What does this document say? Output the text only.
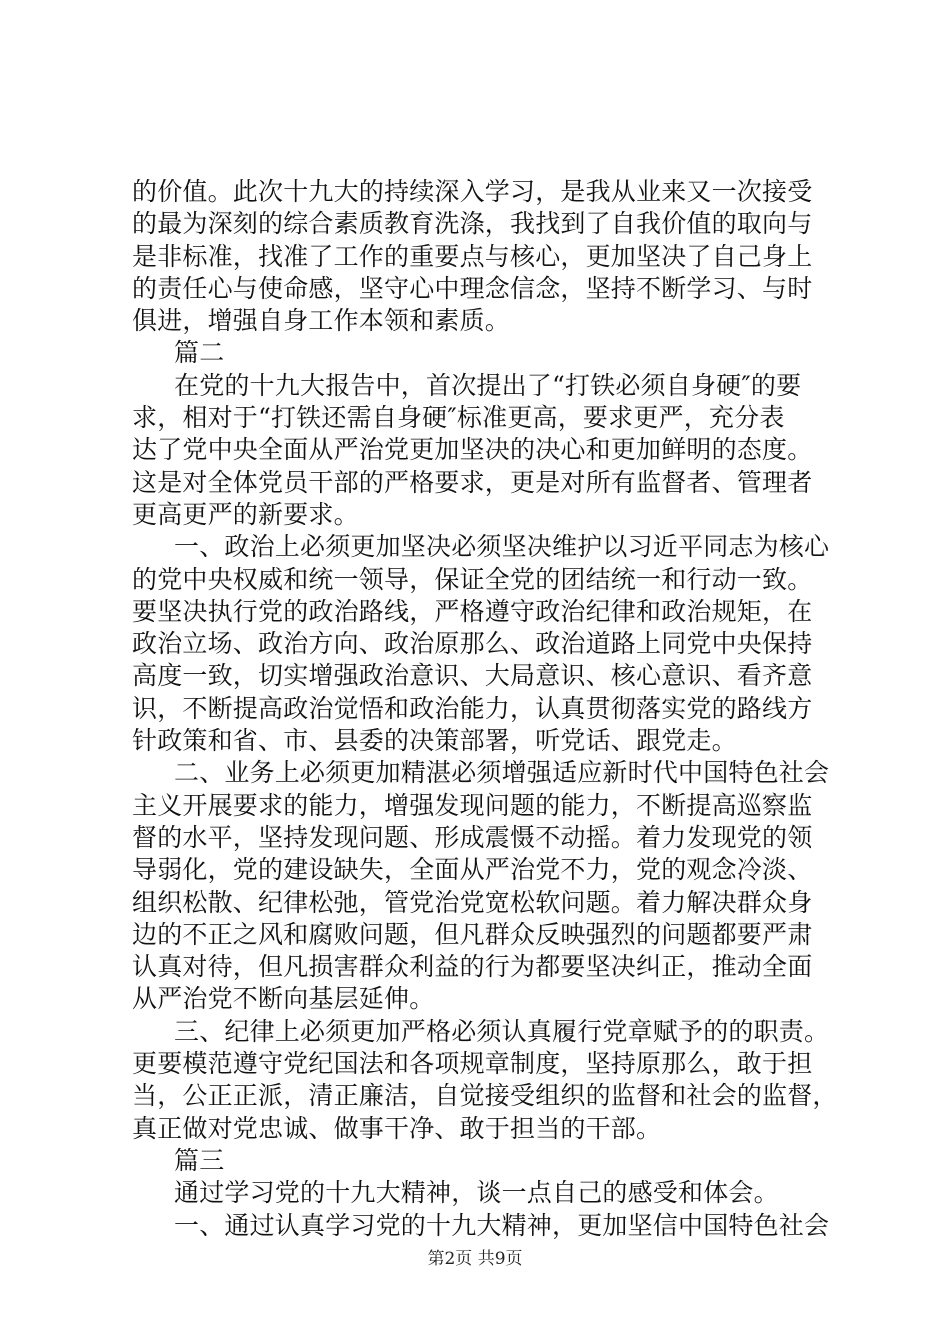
的价值。此次十九大的持续深入学习，是我从业来又一次接受
的最为深刻的综合素质教育洗涤，我找到了自我价值的取向与
是非标准，找准了工作的重要点与核心，更加坚决了自己身上
的责任心与使命感，坚守心中理念信念，坚持不断学习、与时
俱进，增强自身工作本领和素质。
篇二
在党的十九大报告中，首次提出了“打铁必须自身硬″的要
求，相对于“打铁还需自身硬″标准更高，要求更严，充分表
达了党中央全面从严治党更加坚决的决心和更加鲜明的态度。
这是对全体党员干部的严格要求，更是对所有监督者、管理者
更高更严的新要求。
一、政治上必须更加坚决必须坚决维护以习近平同志为核心
的党中央权威和统一领导，保证全党的团结统一和行动一致。
要坚决执行党的政治路线，严格遵守政治纪律和政治规矩，在
政治立场、政治方向、政治原那么、政治道路上同党中央保持
高度一致，切实增强政治意识、大局意识、核心意识、看齐意
识，不断提高政治觉悟和政治能力，认真贯彻落实党的路线方
针政策和省、市、县委的决策部署，听党话、跟党走。
二、业务上必须更加精湛必须增强适应新时代中国特色社会
主义开展要求的能力，增强发现问题的能力，不断提高巡察监
督的水平，坚持发现问题、形成震慑不动摇。着力发现党的领
导弱化，党的建设缺失，全面从严治党不力，党的观念冷淡、
组织松散、纪律松弛，管党治党宽松软问题。着力解决群众身
边的不正之风和腐败问题，但凡群众反映强烈的问题都要严肃
认真对待，但凡损害群众利益的行为都要坚决纠正，推动全面
从严治党不断向基层延伸。
三、纪律上必须更加严格必须认真履行党章赋予的的职责。
更要模范遵守党纪国法和各项规章制度，坚持原那么，敢于担
当，公正正派，清正廉洁，自觉接受组织的监督和社会的监督，
真正做对党忠诚、做事干净、敢于担当的干部。
篇三
通过学习党的十九大精神，谈一点自己的感受和体会。
一、通过认真学习党的十九大精神，更加坚信中国特色社会
第2页 共9页
